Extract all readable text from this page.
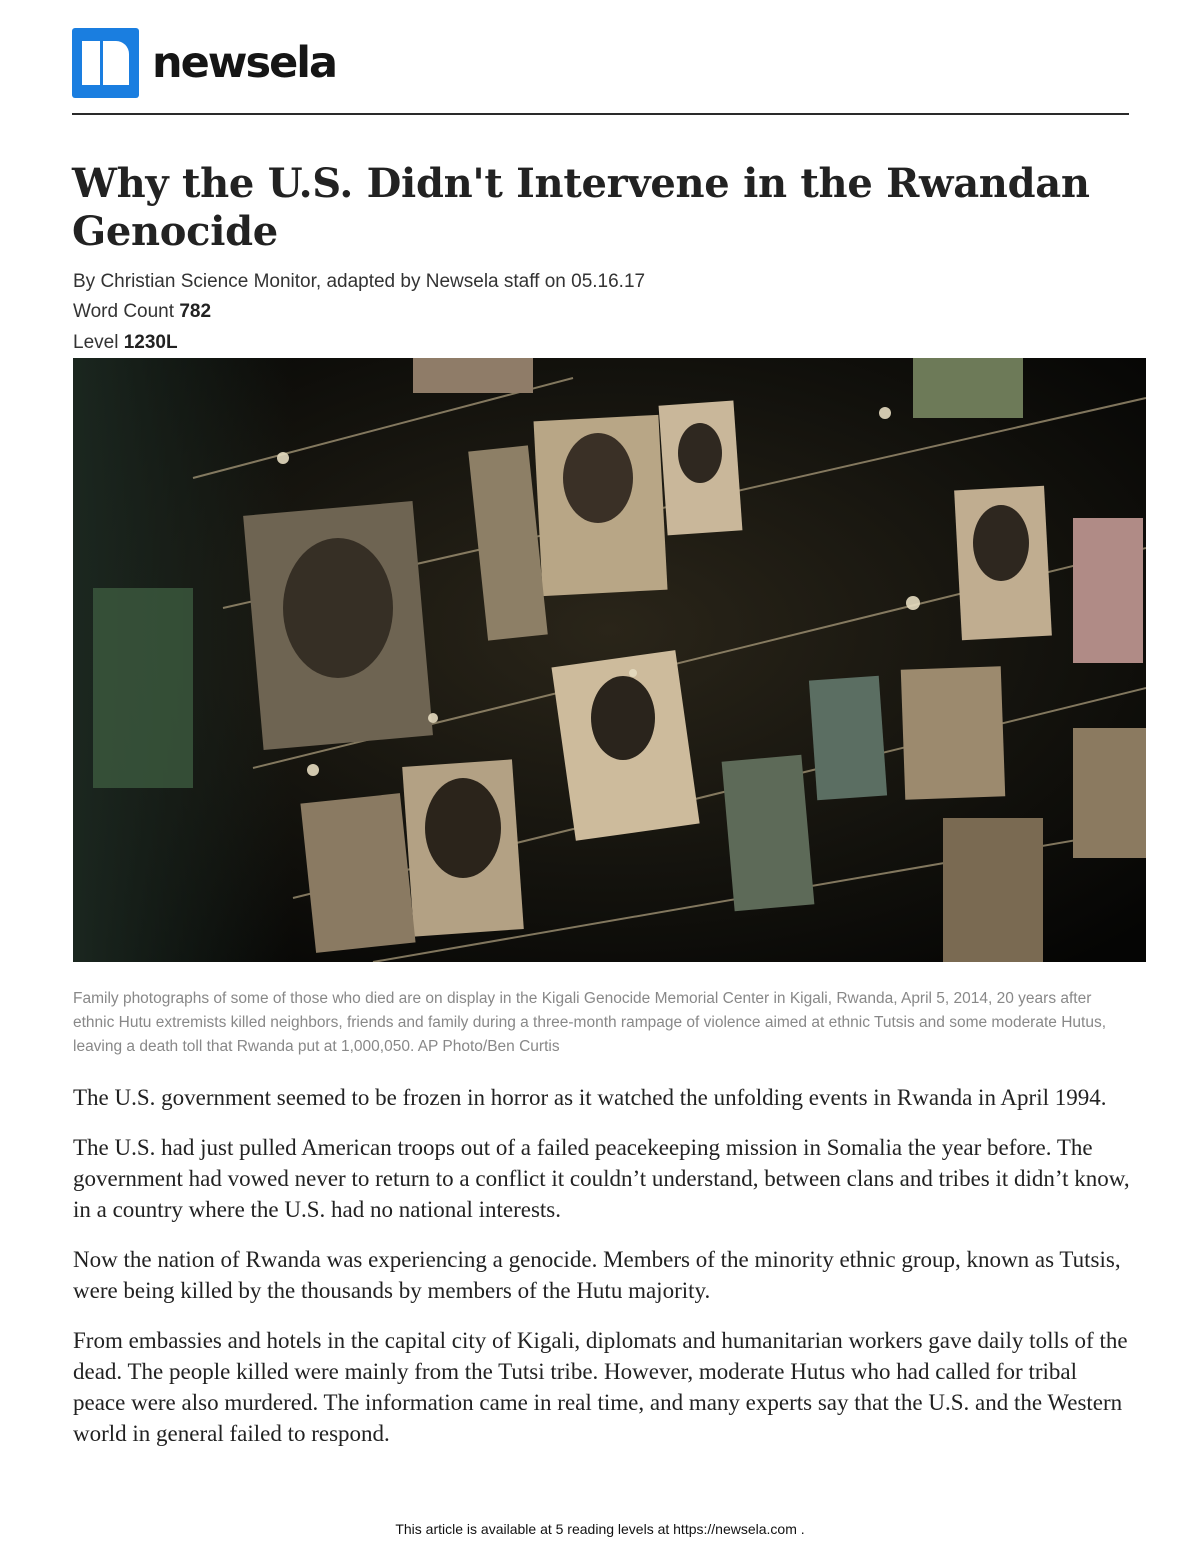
newsela
Why the U.S. Didn't Intervene in the Rwandan Genocide
By Christian Science Monitor, adapted by Newsela staff on 05.16.17
Word Count 782
Level 1230L

Family photographs of some of those who died are on display in the Kigali Genocide Memorial Center in Kigali, Rwanda, April 5, 2014, 20 years after ethnic Hutu extremists killed neighbors, friends and family during a three-month rampage of violence aimed at ethnic Tutsis and some moderate Hutus, leaving a death toll that Rwanda put at 1,000,050. AP Photo/Ben Curtis

The U.S. government seemed to be frozen in horror as it watched the unfolding events in Rwanda in April 1994.

The U.S. had just pulled American troops out of a failed peacekeeping mission in Somalia the year before. The government had vowed never to return to a conflict it couldn’t understand, between clans and tribes it didn’t know, in a country where the U.S. had no national interests.

Now the nation of Rwanda was experiencing a genocide. Members of the minority ethnic group, known as Tutsis, were being killed by the thousands by members of the Hutu majority.

From embassies and hotels in the capital city of Kigali, diplomats and humanitarian workers gave daily tolls of the dead. The people killed were mainly from the Tutsi tribe. However, moderate Hutus who had called for tribal peace were also murdered. The information came in real time, and many experts say that the U.S. and the Western world in general failed to respond.

This article is available at 5 reading levels at https://newsela.com .
